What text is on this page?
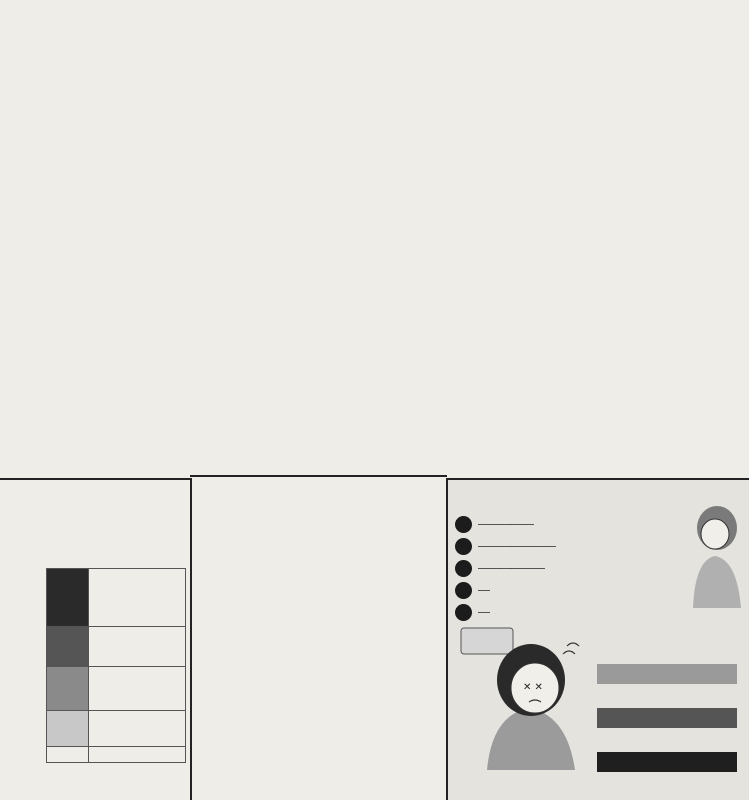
―――――
―――――――
――――――
―
―
✕ ✕
